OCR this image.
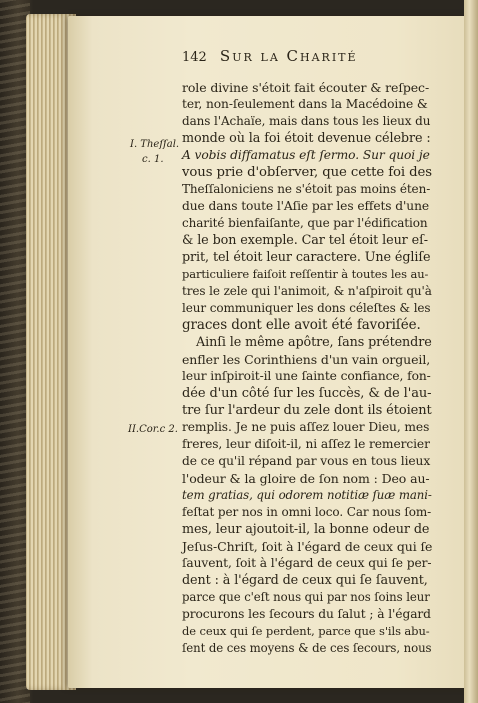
142 Sur la Charité
I. Theſſal.
c. 1.
II.Cor.c 2.
role divine s'étoit fait écouter & reſpec-
ter, non-ſeulement dans la Macédoine &
dans l'Achaïe, mais dans tous les lieux du
monde où la foi étoit devenue célebre :
A vobis diffamatus eſt ſermo. Sur quoi je
vous prie d'obſerver, que cette foi des
Theſſaloniciens ne s'étoit pas moins éten-
due dans toute l'Aſie par les effets d'une
charité bienfaiſante, que par l'édification
& le bon exemple. Car tel étoit leur eſ-
prit, tel étoit leur caractere. Une égliſe
particuliere faiſoit reſſentir à toutes les au-
tres le zele qui l'animoit, & n'aſpiroit qu'à
leur communiquer les dons céleſtes & les
graces dont elle avoit été favoriſée.
Ainſi le même apôtre, ſans prétendre
enfler les Corinthiens d'un vain orgueil,
leur inſpiroit-il une ſainte confiance, fon-
dée d'un côté ſur les ſuccès, & de l'au-
tre ſur l'ardeur du zele dont ils étoient
remplis. Je ne puis aſſez louer Dieu, mes
freres, leur diſoit-il, ni aſſez le remercier
de ce qu'il répand par vous en tous lieux
l'odeur & la gloire de ſon nom : Deo au-
tem gratias, qui odorem notitiæ ſuæ mani-
feſtat per nos in omni loco. Car nous ſom-
mes, leur ajoutoit-il, la bonne odeur de
Jeſus-Chriſt, ſoit à l'égard de ceux qui ſe
ſauvent, ſoit à l'égard de ceux qui ſe per-
dent : à l'égard de ceux qui ſe ſauvent,
parce que c'eſt nous qui par nos ſoins leur
procurons les ſecours du ſalut ; à l'égard
de ceux qui ſe perdent, parce que s'ils abu-
ſent de ces moyens & de ces ſecours, nous
